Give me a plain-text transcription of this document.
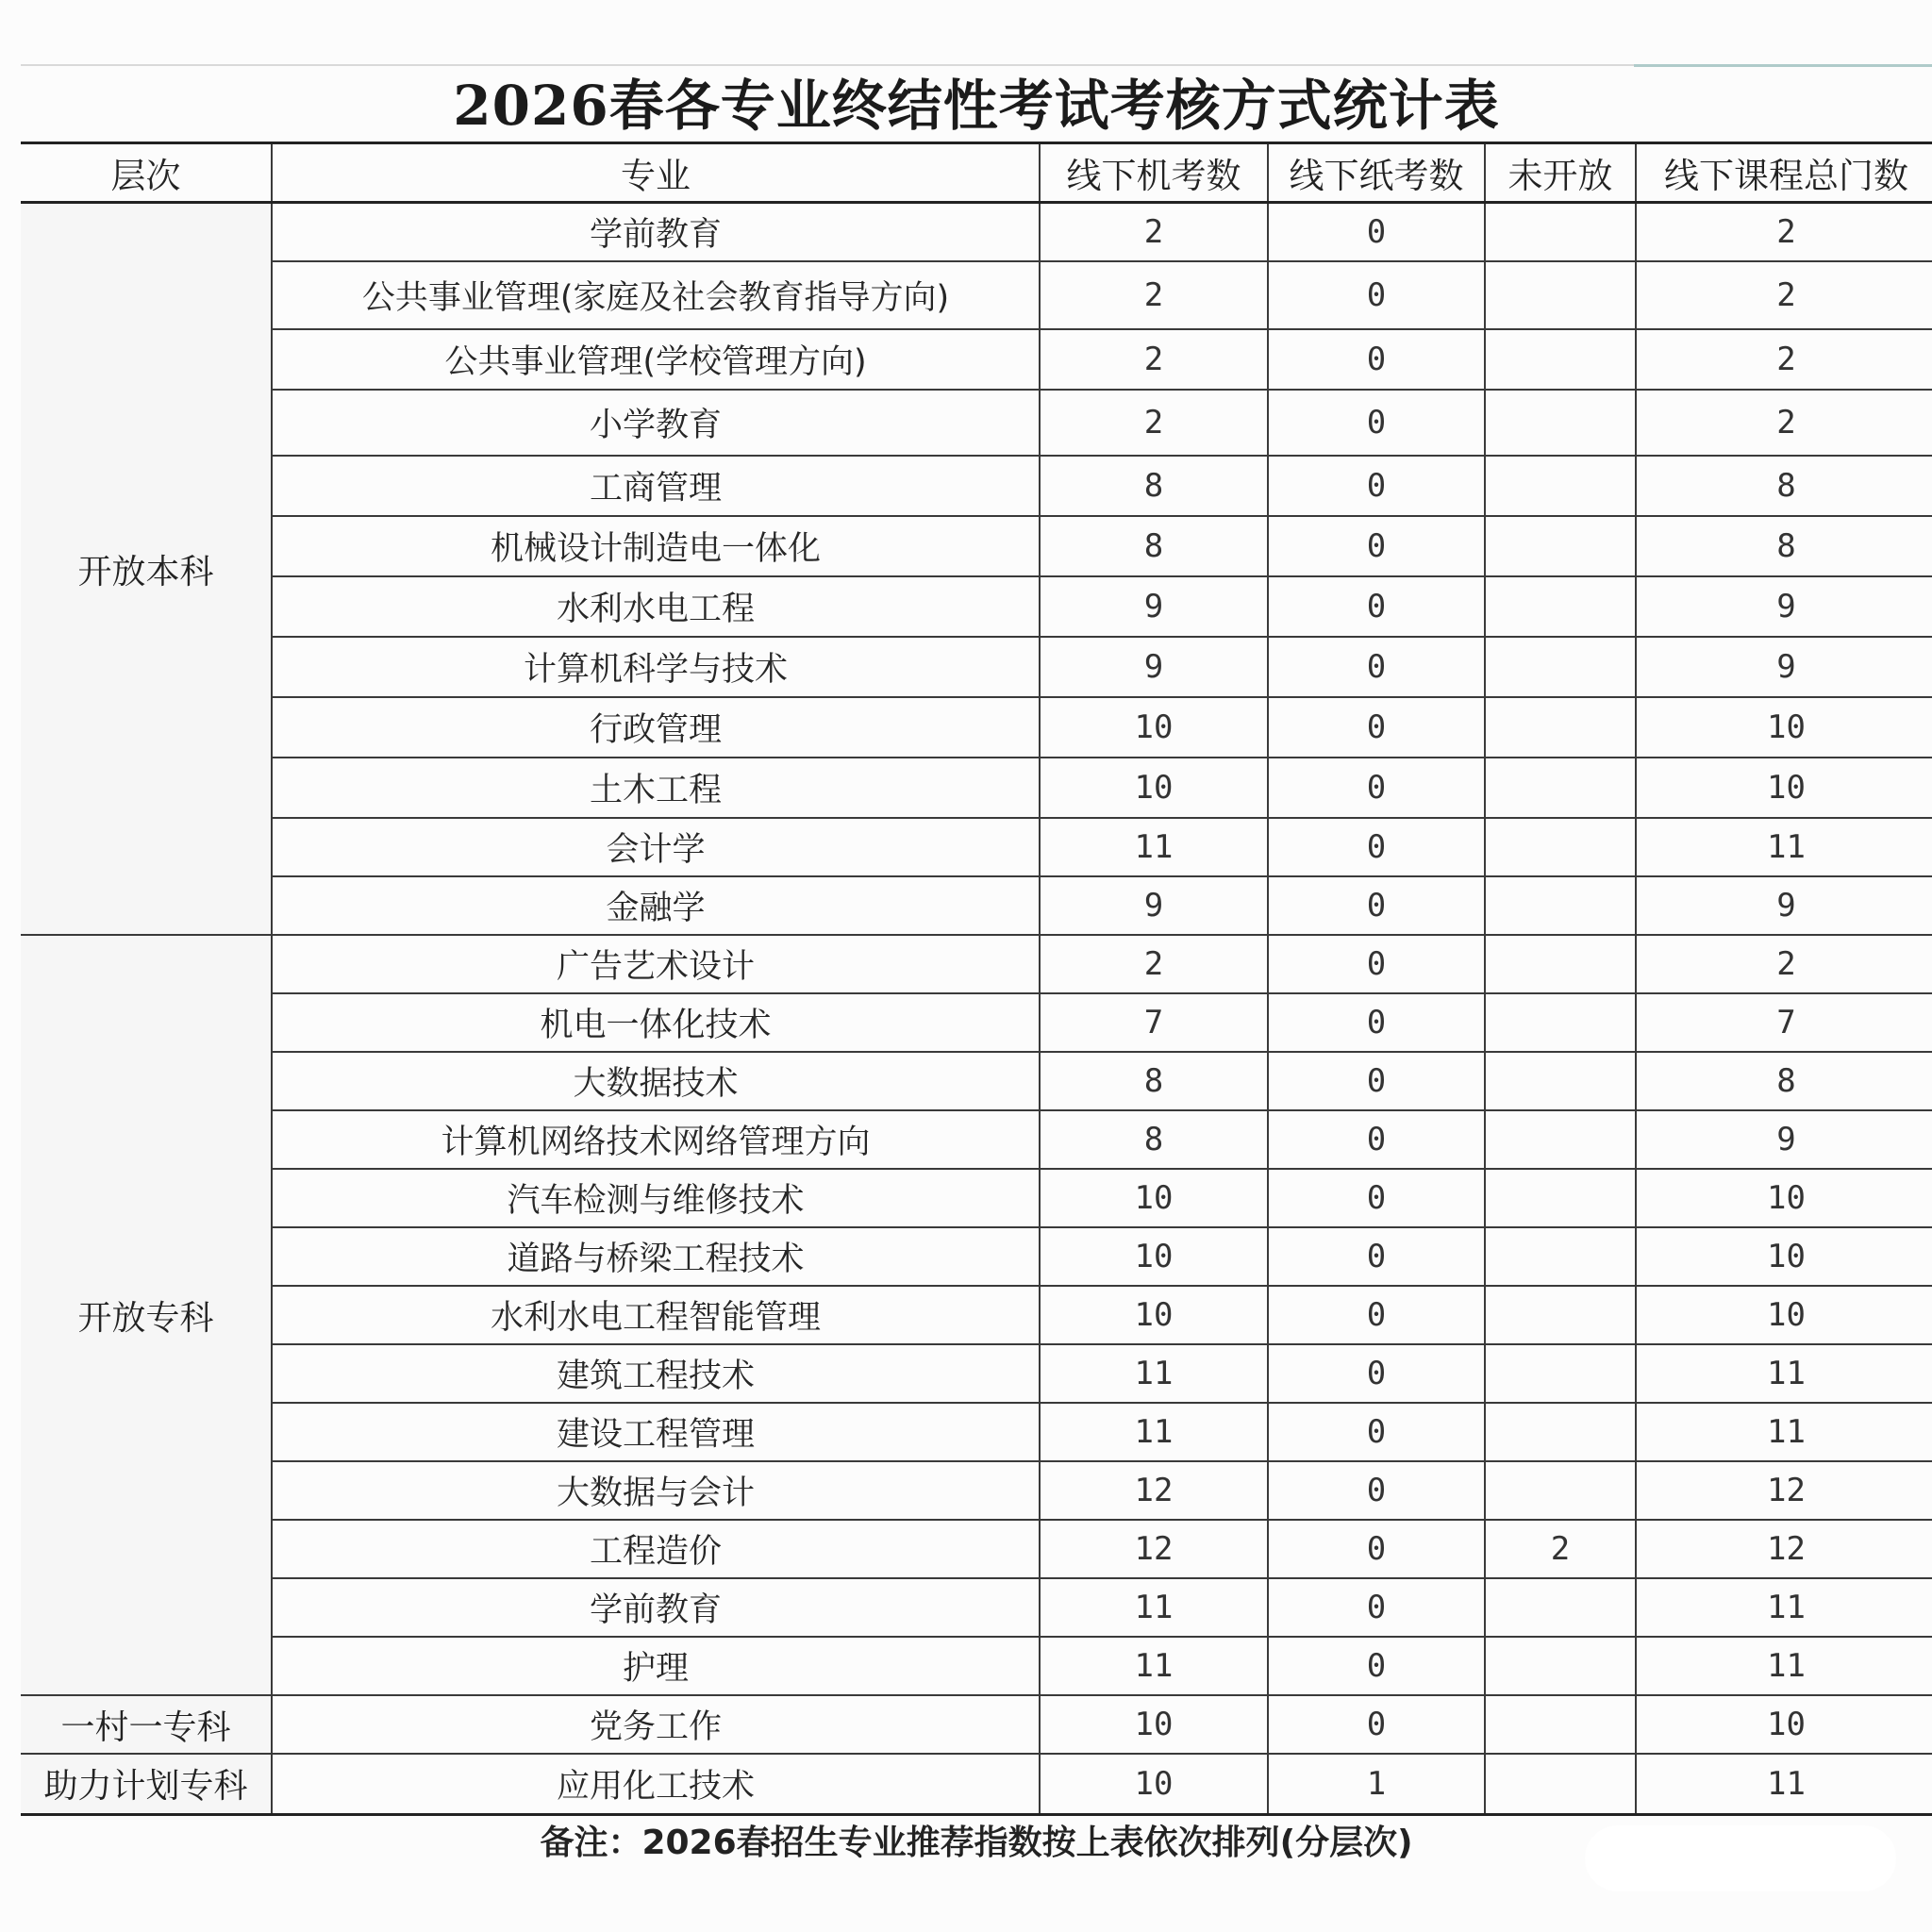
2026春各专业终结性考试考核方式统计表
层次	专业	线下机考数	线下纸考数	未开放	线下课程总门数
开放本科	学前教育	2	0		2
	公共事业管理(家庭及社会教育指导方向)	2	0		2
	公共事业管理(学校管理方向)	2	0		2
	小学教育	2	0		2
	工商管理	8	0		8
	机械设计制造电一体化	8	0		8
	水利水电工程	9	0		9
	计算机科学与技术	9	0		9
	行政管理	10	0		10
	土木工程	10	0		10
	会计学	11	0		11
	金融学	9	0		9
开放专科	广告艺术设计	2	0		2
	机电一体化技术	7	0		7
	大数据技术	8	0		8
	计算机网络技术网络管理方向	8	0		9
	汽车检测与维修技术	10	0		10
	道路与桥梁工程技术	10	0		10
	水利水电工程智能管理	10	0		10
	建筑工程技术	11	0		11
	建设工程管理	11	0		11
	大数据与会计	12	0		12
	工程造价	12	0	2	12
	学前教育	11	0		11
	护理	11	0		11
一村一专科	党务工作	10	0		10
助力计划专科	应用化工技术	10	1		11
备注：2026春招生专业推荐指数按上表依次排列(分层次)
